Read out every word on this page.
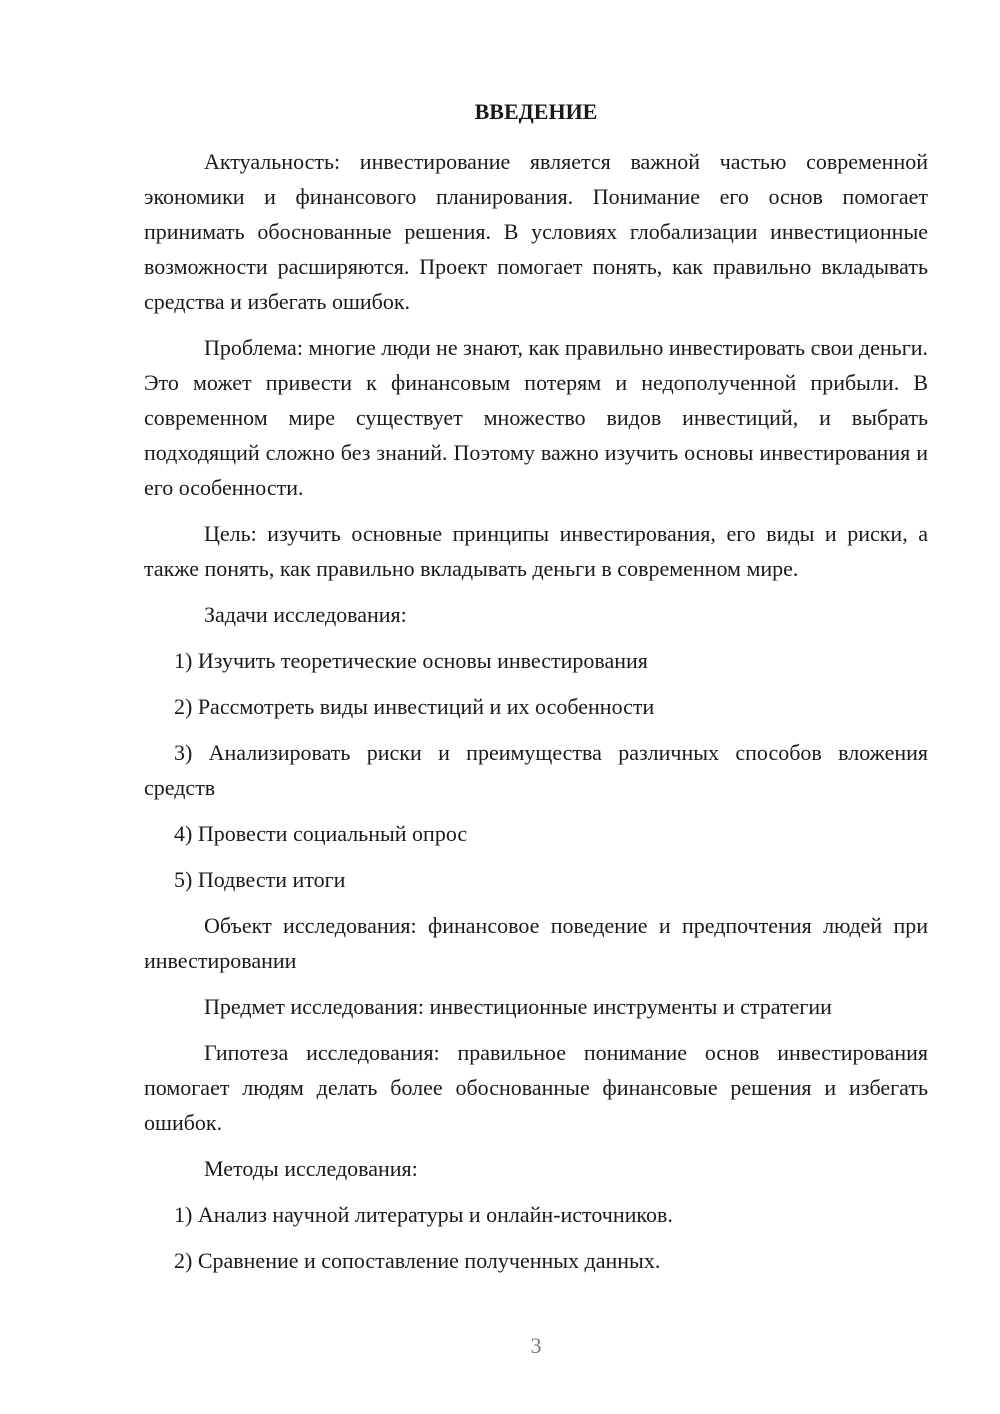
ВВЕДЕНИЕ

Актуальность: инвестирование является важной частью современной экономики и финансового планирования. Понимание его основ помогает принимать обоснованные решения. В условиях глобализации инвестиционные возможности расширяются. Проект помогает понять, как правильно вкладывать средства и избегать ошибок.

Проблема: многие люди не знают, как правильно инвестировать свои деньги. Это может привести к финансовым потерям и недополученной прибыли. В современном мире существует множество видов инвестиций, и выбрать подходящий сложно без знаний. Поэтому важно изучить основы инвестирования и его особенности.

Цель: изучить основные принципы инвестирования, его виды и риски, а также понять, как правильно вкладывать деньги в современном мире.

Задачи исследования:

1) Изучить теоретические основы инвестирования

2) Рассмотреть виды инвестиций и их особенности

3) Анализировать риски и преимущества различных способов вложения средств

4) Провести социальный опрос

5) Подвести итоги

Объект исследования: финансовое поведение и предпочтения людей при инвестировании

Предмет исследования: инвестиционные инструменты и стратегии

Гипотеза исследования: правильное понимание основ инвестирования помогает людям делать более обоснованные финансовые решения и избегать ошибок.

Методы исследования:

1) Анализ научной литературы и онлайн-источников.

2) Сравнение и сопоставление полученных данных.

3
